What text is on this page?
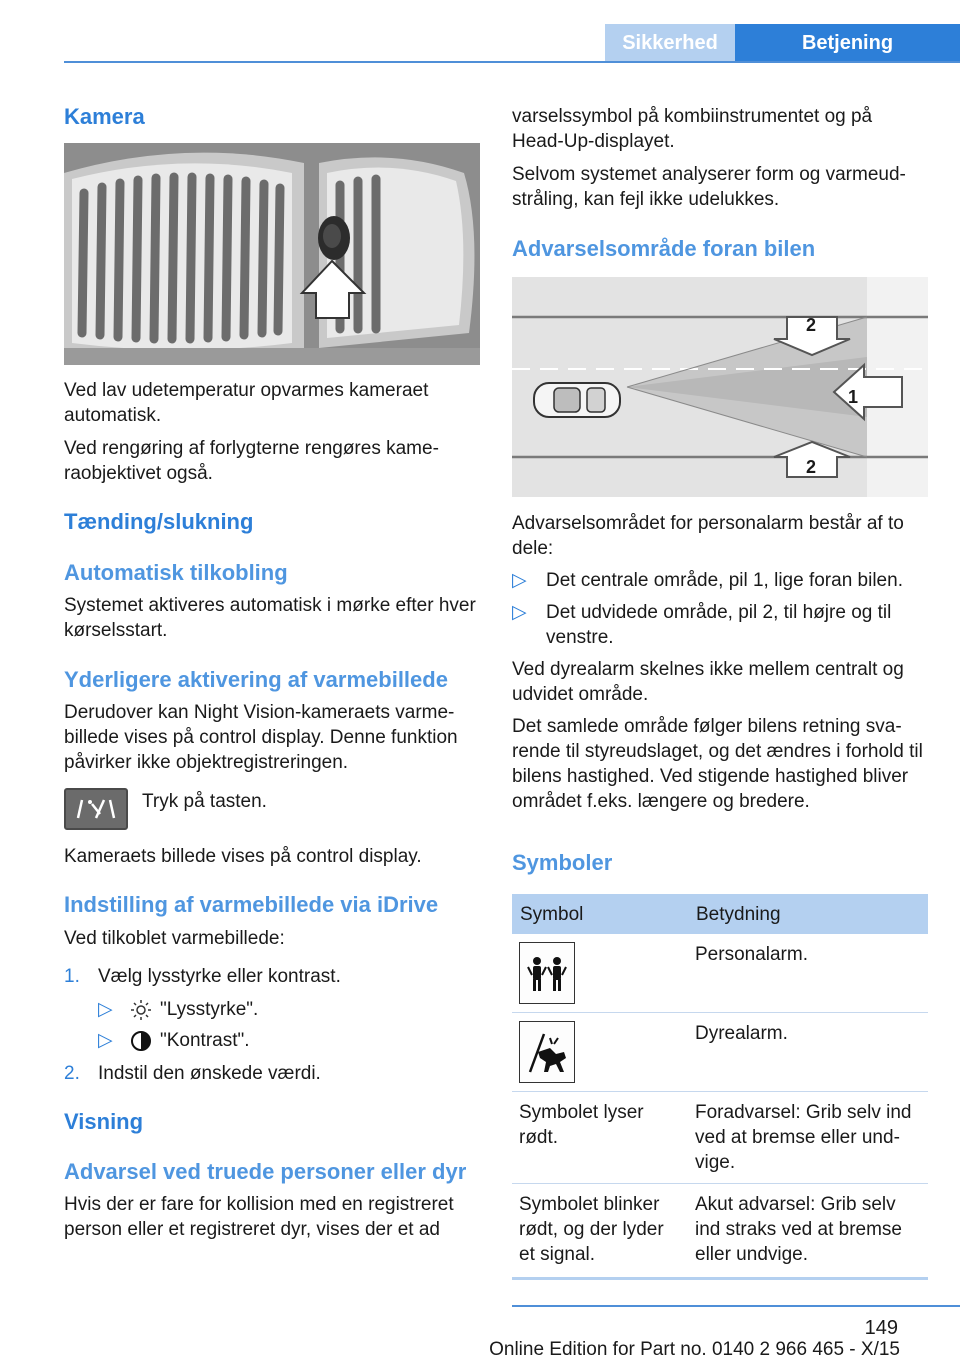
Sikkerhed	Betjening
Kamera
Ved lav udetemperatur opvarmes kameraet automatisk.
Ved rengøring af forlygterne rengøres kameraobjektivet også.
Tænding/slukning
Automatisk tilkobling
Systemet aktiveres automatisk i mørke efter hver kørselsstart.
Yderligere aktivering af varmebillede
Derudover kan Night Vision-kameraets varmebillede vises på control display. Denne funktion påvirker ikke objektregistreringen.
Tryk på tasten.
Kameraets billede vises på control display.
Indstilling af varmebillede via iDrive
Ved tilkoblet varmebillede:
1. Vælg lysstyrke eller kontrast.
▷ "Lysstyrke".
▷ "Kontrast".
2. Indstil den ønskede værdi.
Visning
Advarsel ved truede personer eller dyr
Hvis der er fare for kollision med en registreret person eller et registreret dyr, vises der et ad
varselssymbol på kombiinstrumentet og på Head-Up-displayet.
Selvom systemet analyserer form og varmeudstråling, kan fejl ikke udelukkes.
Advarselsområde foran bilen
2
1
2
Advarselsområdet for personalarm består af to dele:
▷ Det centrale område, pil 1, lige foran bilen.
▷ Det udvidede område, pil 2, til højre og til venstre.
Ved dyrealarm skelnes ikke mellem centralt og udvidet område.
Det samlede område følger bilens retning svarende til styreudslaget, og det ændres i forhold til bilens hastighed. Ved stigende hastighed bliver området f.eks. længere og bredere.
Symboler
Symbol	Betydning

	Personalarm.

	Dyrealarm.
Symbolet lyser rødt.	Foradvarsel: Grib selv ind ved at bremse eller undvige.
Symbolet blinker rødt, og der lyder et signal.	Akut advarsel: Grib selv ind straks ved at bremse eller undvige.
149
Online Edition for Part no. 0140 2 966 465 - X/15
